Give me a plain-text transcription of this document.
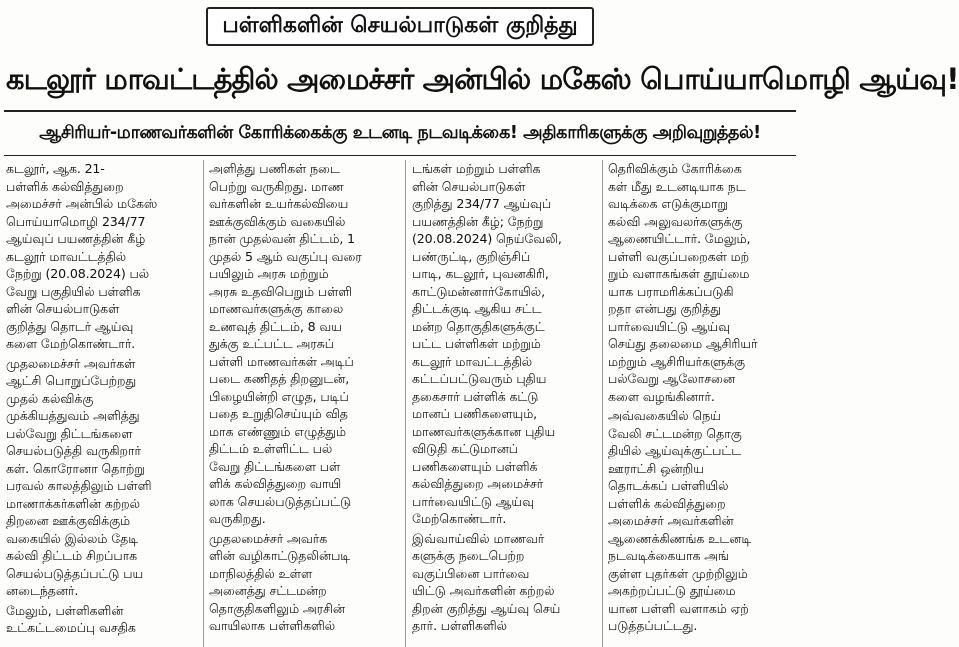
பள்ளிகளின் செயல்பாடுகள் குறித்து
கடலூர் மாவட்டத்தில் அமைச்சர் அன்பில் மகேஸ் பொய்யாமொழி ஆய்வு!
ஆசிரியர்-மாணவர்களின் கோரிக்கைக்கு உடனடி நடவடிக்கை! அதிகாரிகளுக்கு அறிவுறுத்தல்!

கடலூர், ஆக. 21-
பள்ளிக் கல்வித்துறை
அமைச்சர் அன்பில் மகேஸ்
பொய்யாமொழி 234/77
ஆய்வுப் பயணத்தின் கீழ்
கடலூர் மாவட்டத்தில்
நேற்று (20.08.2024) பல்
வேறு பகுதியில் பள்ளிக
ளின் செயல்பாடுகள்
குறித்து தொடர் ஆய்வு
களை மேற்கொண்டார்.

முதலமைச்சர் அவர்கள்
ஆட்சி பொறுப்பேற்றது
முதல் கல்விக்கு
முக்கியத்துவம் அளித்து
பல்வேறு திட்டங்களை
செயல்படுத்தி வருகிறார்
கள். கொரோனா தொற்று
பரவல் காலத்திலும் பள்ளி
மாணாக்கர்களின் கற்றல்
திறனை ஊக்குவிக்கும்
வகையில் இல்லம் தேடி
கல்வி திட்டம் சிறப்பாக
செயல்படுத்தப்பட்டு பய
னடைந்தனர்.

மேலும், பள்ளிகளின்
உட்கட்டமைப்பு வசதிக

அளித்து பணிகள் நடை
பெற்று வருகிறது. மாண
வர்களின் உயர்கல்வியை
ஊக்குவிக்கும் வகையில்
நான் முதல்வன் திட்டம், 1
முதல் 5 ஆம் வகுப்பு வரை
பயிலும் அரசு மற்றும்
அரசு உதவிபெறும் பள்ளி
மாணவர்களுக்கு காலை
உணவுத் திட்டம், 8 வய
துக்கு உட்பட்ட அரசுப்
பள்ளி மாணவர்கள் அடிப்
படை கணிதத் திறனுடன்,
பிழையின்றி எழுத, படிப்
பதை உறுதிசெய்யும் வித
மாக எண்ணும் எழுத்தும்
திட்டம் உள்ளிட்ட பல்
வேறு திட்டங்களை பள்
ளிக் கல்வித்துறை வாயி
லாக செயல்படுத்தப்பட்டு
வருகிறது.

முதலமைச்சர் அவர்க
ளின் வழிகாட்டுதலின்படி
மாநிலத்தில் உள்ள
அனைத்து சட்டமன்ற
தொகுதிகளிலும் அரசின்
வாயிலாக பள்ளிகளில்

டங்கள் மற்றும் பள்ளிக
ளின் செயல்பாடுகள்
குறித்து 234/77 ஆய்வுப்
பயணத்தின் கீழ்; நேற்று
(20.08.2024) நெய்வேலி,
பண்ருட்டி, குறிஞ்சிப்
பாடி, கடலூர், புவனகிரி,
காட்டுமன்னார்கோயில்,
திட்டக்குடி ஆகிய சட்ட
மன்ற தொகுதிகளுக்குட்
பட்ட பள்ளிகள் மற்றும்
கடலூர் மாவட்டத்தில்
கட்டப்பட்டுவரும் புதிய
தகைசார் பள்ளிக் கட்டு
மானப் பணிகளையும்,
மாணவர்களுக்கான புதிய
விடுதி கட்டுமானப்
பணிகளையும் பள்ளிக்
கல்வித்துறை அமைச்சர்
பார்வையிட்டு ஆய்வு
மேற்கொண்டார்.

இவ்வாய்வில் மாணவர்
களுக்கு நடைபெற்ற
வகுப்பினை பார்வை
யிட்டு அவர்களின் கற்றல்
திறன் குறித்து ஆய்வு செய்
தார். பள்ளிகளில்

தெரிவிக்கும் கோரிக்கை
கள் மீது உடனடியாக நட
வடிக்கை எடுக்குமாறு
கல்வி அலுவலர்களுக்கு
ஆணையிட்டார். மேலும்,
பள்ளி வகுப்பறைகள் மற்
றும் வளாகங்கள் தூய்மை
யாக பராமரிக்கப்படுகி
றதா என்பது குறித்து
பார்வையிட்டு ஆய்வு
செய்து தலைமை ஆசிரியர்
மற்றும் ஆசிரியர்களுக்கு
பல்வேறு ஆலோசனை
களை வழங்கினார்.

அவ்வகையில் நெய்
வேலி சட்டமன்ற தொகு
தியில் ஆய்வுக்குட்பட்ட
ஊராட்சி ஒன்றிய
தொடக்கப் பள்ளியில்
பள்ளிக் கல்வித்துறை
அமைச்சர் அவர்களின்
ஆணைக்கிணங்க உடனடி
நடவடிக்கையாக அங்
குள்ள புதர்கள் முற்றிலும்
அகற்றப்பட்டு தூய்மை
யான பள்ளி வளாகம் ஏற்
படுத்தப்பட்டது.
